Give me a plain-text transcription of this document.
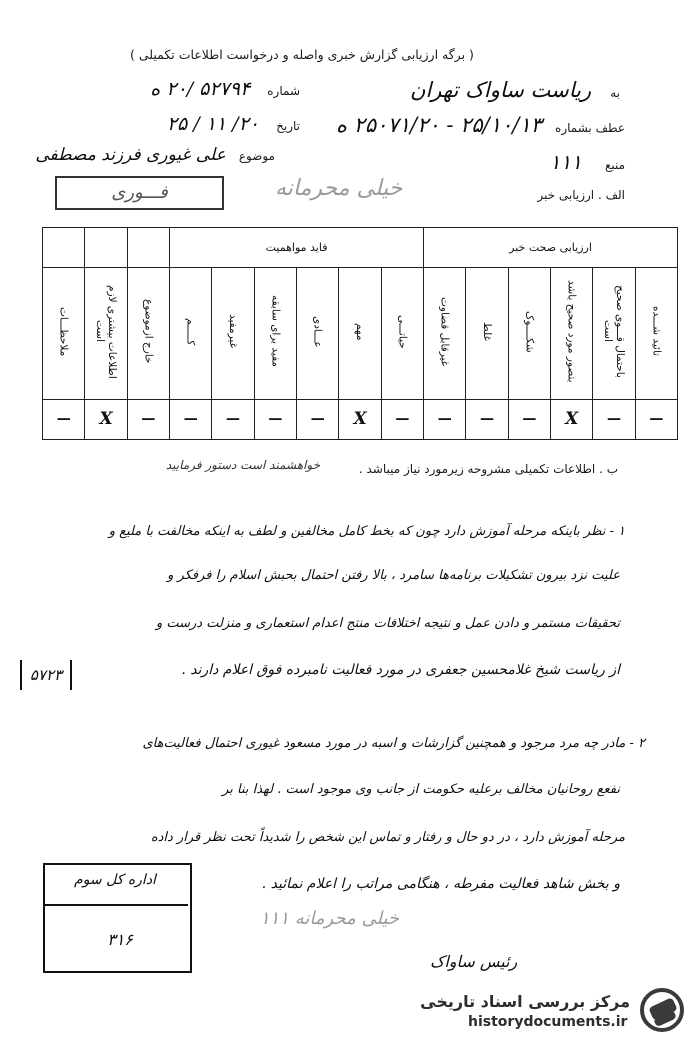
( برگه ارزیابی گزارش خبری واصله و درخواست اطلاعات تکمیلی )
به ریاست ساواک تهران
شماره ۵۲۷۹۴ /۲۰ ه
تاریخ ۲۰/ ۱۱ / ۲۵	عطف بشماره ۲۵/۱۰/۱۳ - ۲۵۰۷۱/۲۰ ه
موضوع علی غیوری فرزند مصطفی	منبع ۱۱۱
فـــوری	خیلی محرمانه	الف . ارزیابی خبر
ارزیابی صحت خبر						فاید مواهمیت								
تائید شـــده	باحتمال قـــوی صحیح است	بتصور مورد صحیح باشد	شکــــوک	غلط	غیرقابل قضاوت	حیاتـــی	مهم	عـــادی	مفید برای سابقه	غیرمفید	کـــــم	خارج ازموضوع	اطلاعات بیشتری لازم است	ملاحظـــات
—	—	X	—	—	—	—	X	—	—	—	—	—	X	—
ب . اطلاعات تکمیلی مشروحه زیرمورد نیاز میباشد .
خواهشمند است دستور فرمایید
۱ - نظر باینکه مرحله آموزش دارد چون که بخط کامل مخالفین و لطف به اینکه مخالفت با ملیع و
علیت نزد بیرون تشکیلات برنامه‌ها سامرد ، بالا رفتن احتمال بحبش اسلام را فرفکر و
تحقیقات مستمر و دادن عمل و نتیجه اختلافات منتج اعدام استعماری و منزلت درست و
از ریاست شیخ غلامحسین جعفری در مورد فعالیت نامبرده فوق اعلام دارند .
۵۷۲۳
۲ - مادر چه مرد مرجود و همچنین گزارشات و اسبه در مورد مسعود غیوری احتمال فعالیت‌های
نفعع روحانیان مخالف برعلیه حکومت از جانب وی موجود است . لهذا بنا بر
مرحله آموزش دارد ، در دو حال و رفتار و تماس این شخص را شدیداً تحت نظر قرار داده
و بخش شاهد فعالیت مفرطه ، هنگامی مراتب را اعلام نمائید .
اداره کل سوم
۳۱۶
خیلی محرمانه ۱۱۱
رئیس ساواک
مرکز بررسی اسناد تاریخی
historydocuments.ir
